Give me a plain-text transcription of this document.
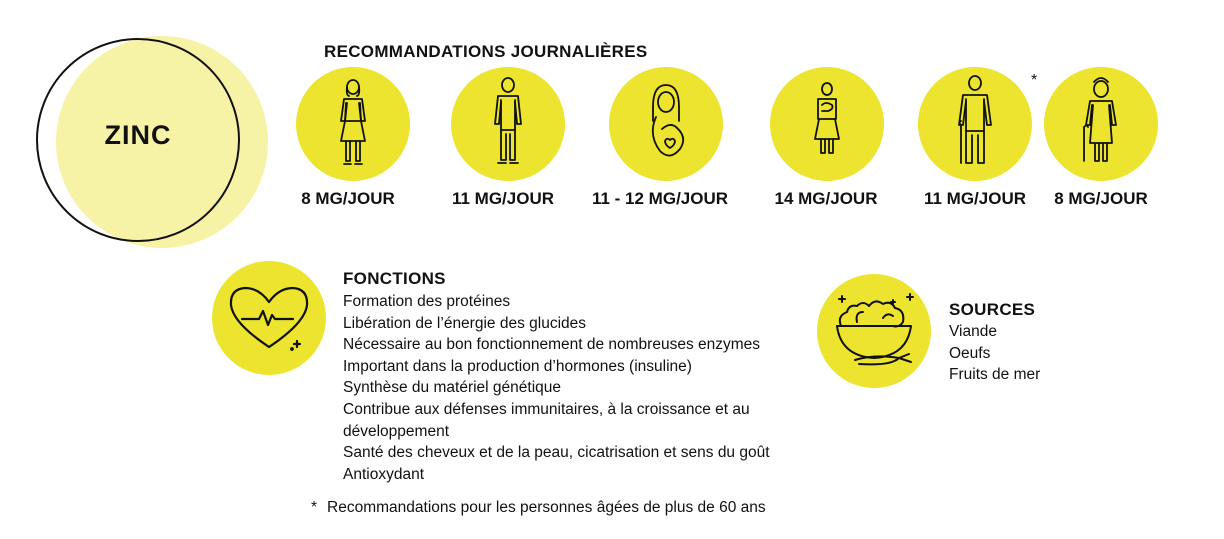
ZINC
RECOMMANDATIONS JOURNALIÈRES
8 MG/JOUR	11 MG/JOUR	11 - 12 MG/JOUR	14 MG/JOUR	11 MG/JOUR
*
8 MG/JOUR
FONCTIONS
Formation des protéines
Libération de l’énergie des glucides
Nécessaire au bon fonctionnement de nombreuses enzymes
Important dans la production d’hormones (insuline)
Synthèse du matériel génétique
Contribue aux défenses immunitaires, à la croissance et au
développement
Santé des cheveux et de la peau, cicatrisation et sens du goût
Antioxydant
SOURCES
Viande
Oeufs
Fruits de mer
* Recommandations pour les personnes âgées de plus de 60 ans
